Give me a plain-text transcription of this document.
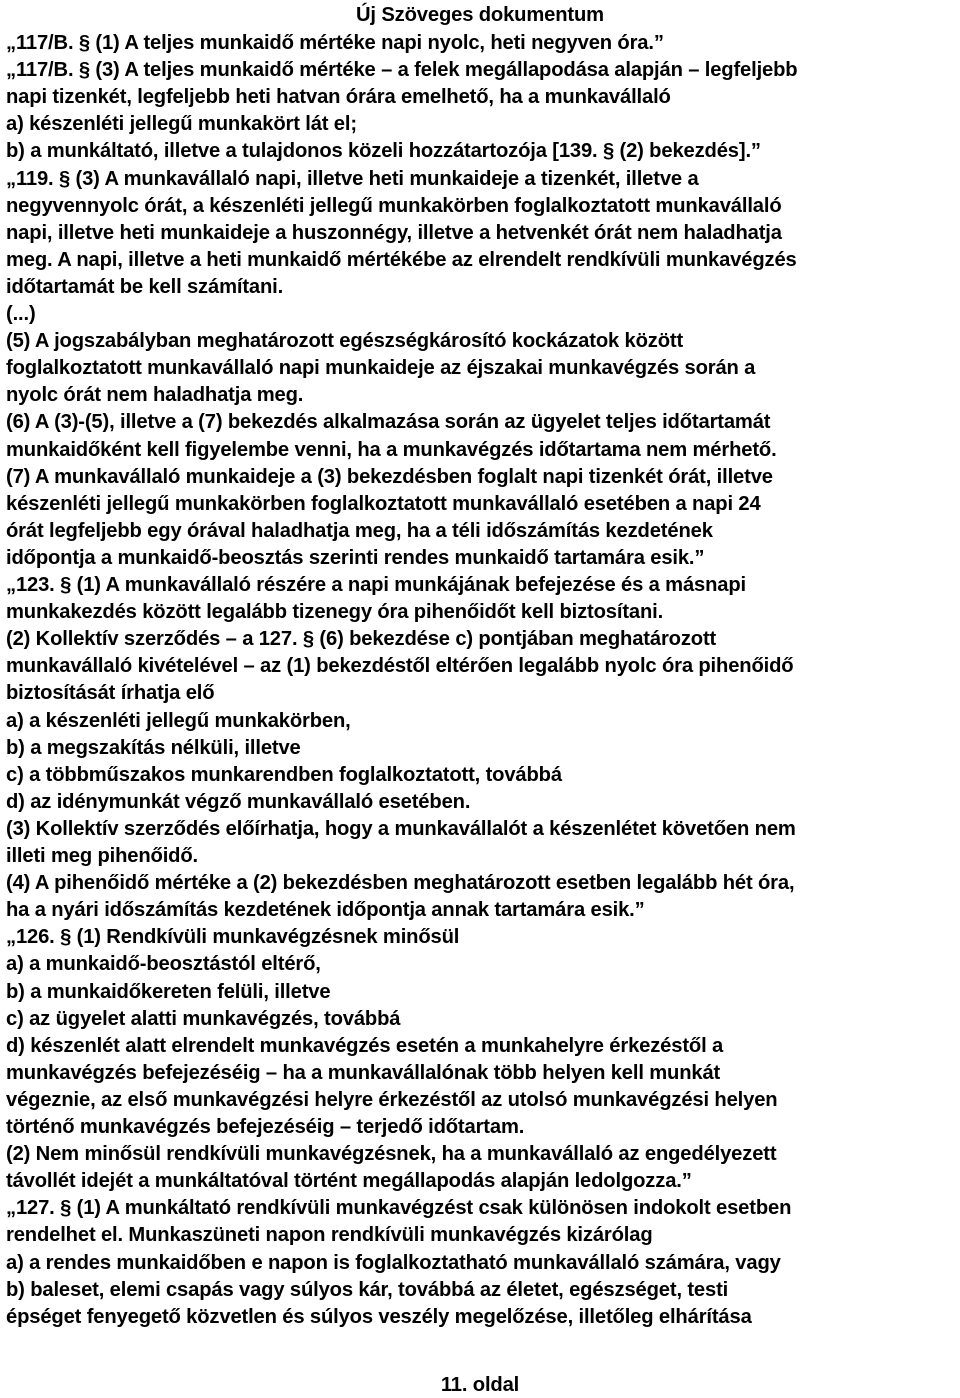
Új Szöveges dokumentum
„117/B. § (1) A teljes munkaidő mértéke napi nyolc, heti negyven óra.”
„117/B. § (3) A teljes munkaidő mértéke – a felek megállapodása alapján – legfeljebb
napi tizenkét, legfeljebb heti hatvan órára emelhető, ha a munkavállaló
a) készenléti jellegű munkakört lát el;
b) a munkáltató, illetve a tulajdonos közeli hozzátartozója [139. § (2) bekezdés].”
„119. § (3) A munkavállaló napi, illetve heti munkaideje a tizenkét, illetve a
negyvennyolc órát, a készenléti jellegű munkakörben foglalkoztatott munkavállaló
napi, illetve heti munkaideje a huszonnégy, illetve a hetvenkét órát nem haladhatja
meg. A napi, illetve a heti munkaidő mértékébe az elrendelt rendkívüli munkavégzés
időtartamát be kell számítani.
(...)
(5) A jogszabályban meghatározott egészségkárosító kockázatok között
foglalkoztatott munkavállaló napi munkaideje az éjszakai munkavégzés során a
nyolc órát nem haladhatja meg.
(6) A (3)-(5), illetve a (7) bekezdés alkalmazása során az ügyelet teljes időtartamát
munkaidőként kell figyelembe venni, ha a munkavégzés időtartama nem mérhető.
(7) A munkavállaló munkaideje a (3) bekezdésben foglalt napi tizenkét órát, illetve
készenléti jellegű munkakörben foglalkoztatott munkavállaló esetében a napi 24
órát legfeljebb egy órával haladhatja meg, ha a téli időszámítás kezdetének
időpontja a munkaidő-beosztás szerinti rendes munkaidő tartamára esik.”
„123. § (1) A munkavállaló részére a napi munkájának befejezése és a másnapi
munkakezdés között legalább tizenegy óra pihenőidőt kell biztosítani.
(2) Kollektív szerződés – a 127. § (6) bekezdése c) pontjában meghatározott
munkavállaló kivételével – az (1) bekezdéstől eltérően legalább nyolc óra pihenőidő
biztosítását írhatja elő
a) a készenléti jellegű munkakörben,
b) a megszakítás nélküli, illetve
c) a többműszakos munkarendben foglalkoztatott, továbbá
d) az idénymunkát végző munkavállaló esetében.
(3) Kollektív szerződés előírhatja, hogy a munkavállalót a készenlétet követően nem
illeti meg pihenőidő.
(4) A pihenőidő mértéke a (2) bekezdésben meghatározott esetben legalább hét óra,
ha a nyári időszámítás kezdetének időpontja annak tartamára esik.”
„126. § (1) Rendkívüli munkavégzésnek minősül
a) a munkaidő-beosztástól eltérő,
b) a munkaidőkereten felüli, illetve
c) az ügyelet alatti munkavégzés, továbbá
d) készenlét alatt elrendelt munkavégzés esetén a munkahelyre érkezéstől a
munkavégzés befejezéséig – ha a munkavállalónak több helyen kell munkát
végeznie, az első munkavégzési helyre érkezéstől az utolsó munkavégzési helyen
történő munkavégzés befejezéséig – terjedő időtartam.
(2) Nem minősül rendkívüli munkavégzésnek, ha a munkavállaló az engedélyezett
távollét idejét a munkáltatóval történt megállapodás alapján ledolgozza.”
„127. § (1) A munkáltató rendkívüli munkavégzést csak különösen indokolt esetben
rendelhet el. Munkaszüneti napon rendkívüli munkavégzés kizárólag
a) a rendes munkaidőben e napon is foglalkoztatható munkavállaló számára, vagy
b) baleset, elemi csapás vagy súlyos kár, továbbá az életet, egészséget, testi
épséget fenyegető közvetlen és súlyos veszély megelőzése, illetőleg elhárítása
11. oldal
